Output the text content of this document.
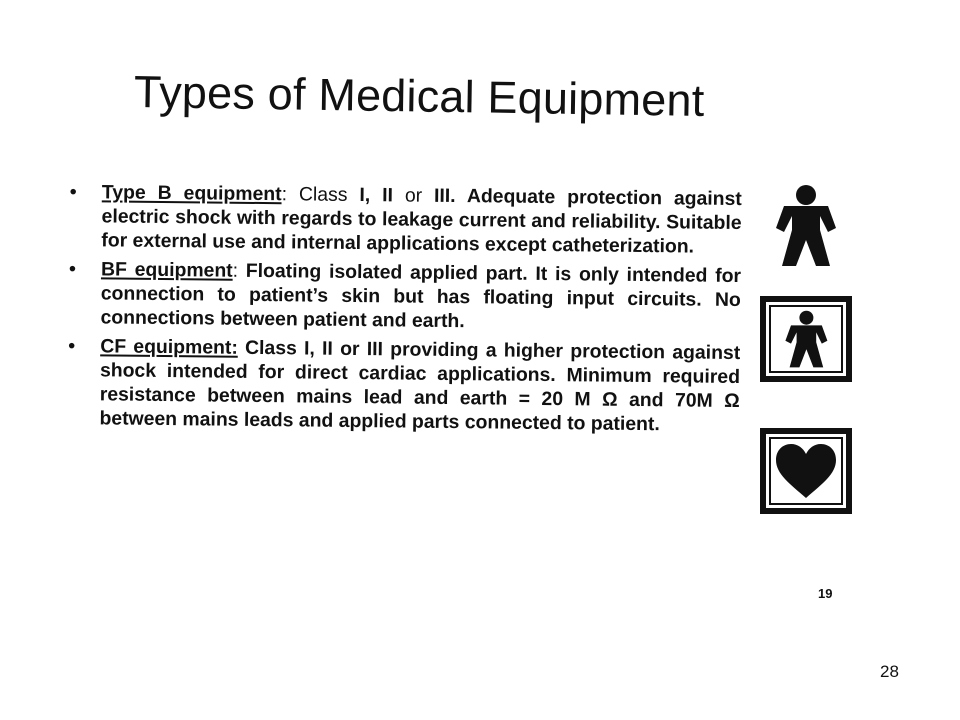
Types of Medical Equipment
• Type B equipment: Class I, II or III. Adequate protection against electric shock with regards to leakage current and reliability. Suitable for external use and internal applications except catheterization.
• BF equipment: Floating isolated applied part. It is only intended for connection to patient’s skin but has floating input circuits. No connections between patient and earth.
• CF equipment: Class I, II or III providing a higher protection against shock intended for direct cardiac applications. Minimum required resistance between mains lead and earth = 20 M Ω and 70M Ω between mains leads and applied parts connected to patient.
19
28
